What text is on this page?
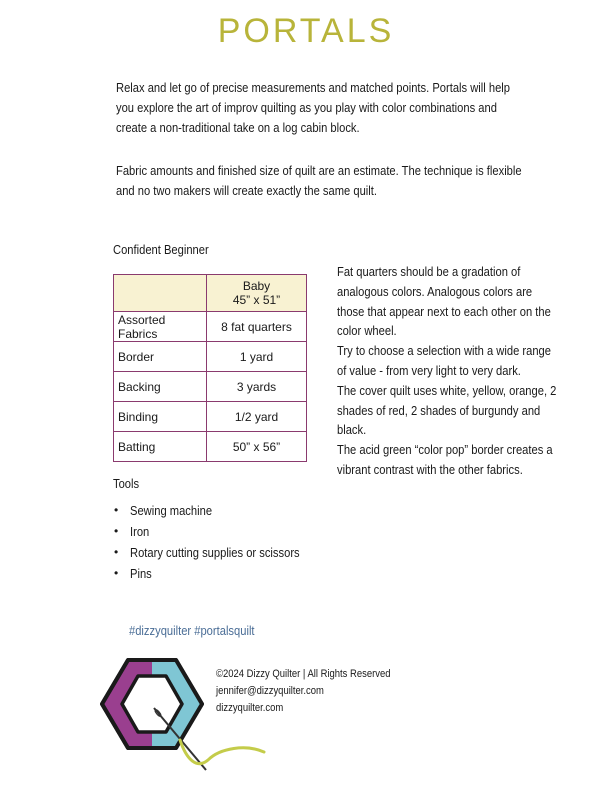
PORTALS

Relax and let go of precise measurements and matched points. Portals will help you explore the art of improv quilting as you play with color combinations and create a non-traditional take on a log cabin block.

Fabric amounts and finished size of quilt are an estimate. The technique is flexible and no two makers will create exactly the same quilt.

Confident Beginner

	Baby
45” x 51”

Assorted Fabrics	8 fat quarters
Border	1 yard
Backing	3 yards
Binding	1/2 yard
Batting	50” x 56”

Fat quarters should be a gradation of
analogous colors. Analogous colors are
those that appear next to each other on the
color wheel.
Try to choose a selection with a wide range
of value - from very light to very dark.
The cover quilt uses white, yellow, orange, 2
shades of red, 2 shades of burgundy and
black.
The acid green “color pop” border creates a
vibrant contrast with the other fabrics.

Tools
• Sewing machine
• Iron
• Rotary cutting supplies or scissors
• Pins
#dizzyquilter #portalsquilt
©2024 Dizzy Quilter | All Rights Reserved
jennifer@dizzyquilter.com
dizzyquilter.com
